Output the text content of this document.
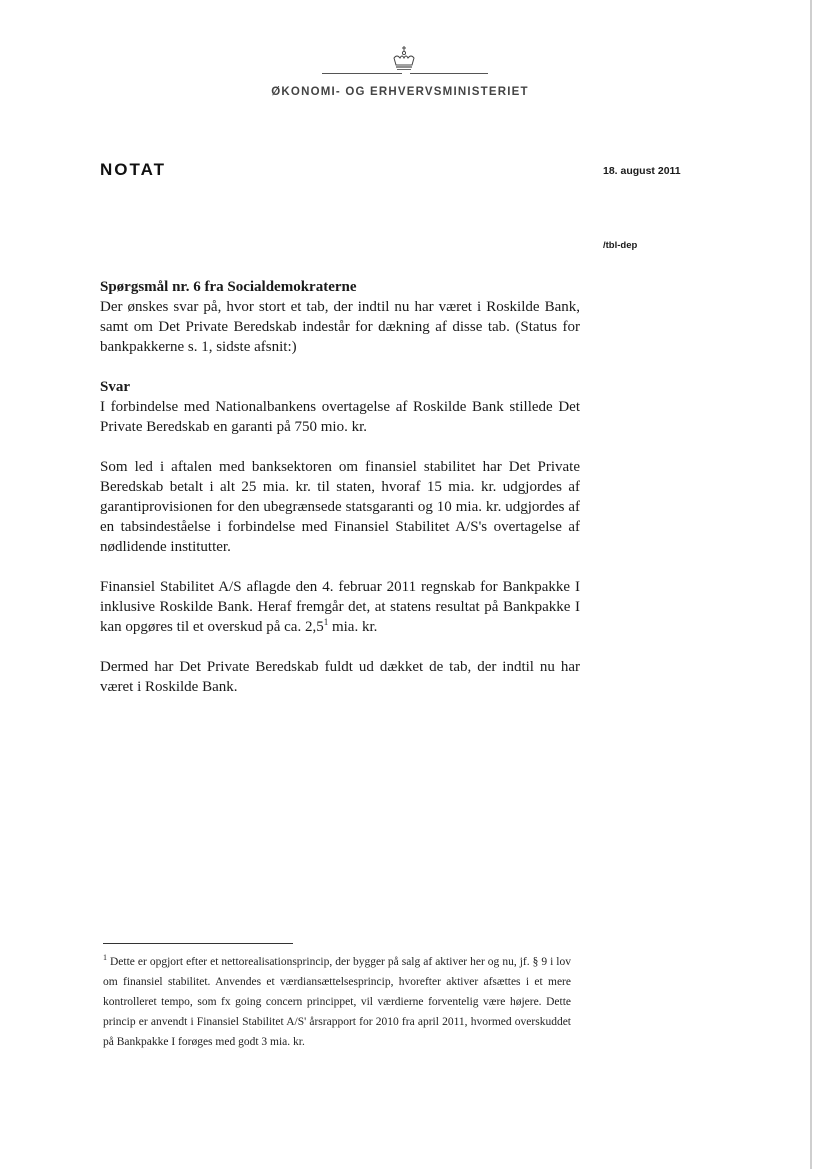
ØKONOMI- OG ERHVERVSMINISTERIET
NOTAT	18. august 2011
/tbl-dep

Spørgsmål nr. 6 fra Socialdemokraterne

Der ønskes svar på, hvor stort et tab, der indtil nu har været i Roskilde Bank, samt om Det Private Beredskab indestår for dækning af disse tab. (Status for bankpakkerne s. 1, sidste afsnit:)

Svar

I forbindelse med Nationalbankens overtagelse af Roskilde Bank stillede Det Private Beredskab en garanti på 750 mio. kr.

Som led i aftalen med banksektoren om finansiel stabilitet har Det Private Beredskab betalt i alt 25 mia. kr. til staten, hvoraf 15 mia. kr. udgjordes af garantiprovisionen for den ubegrænsede statsgaranti og 10 mia. kr. udgjordes af en tabsindeståelse i forbindelse med Finansiel Stabilitet A/S's overtagelse af nødlidende institutter.

Finansiel Stabilitet A/S aflagde den 4. februar 2011 regnskab for Bankpakke I inklusive Roskilde Bank. Heraf fremgår det, at statens resultat på Bankpakke I kan opgøres til et overskud på ca. $2,5^1$ mia. kr.

Dermed har Det Private Beredskab fuldt ud dækket de tab, der indtil nu har været i Roskilde Bank.

$^1$ Dette er opgjort efter et nettorealisationsprincip, der bygger på salg af aktiver her og nu, jf. § 9 i lov om finansiel stabilitet. Anvendes et værdiansættelsesprincip, hvorefter aktiver afsættes i et mere kontrolleret tempo, som fx going concern princippet, vil værdierne forventelig være højere. Dette princip er anvendt i Finansiel Stabilitet A/S' årsrapport for 2010 fra april 2011, hvormed overskuddet på Bankpakke I forøges med godt 3 mia. kr.
